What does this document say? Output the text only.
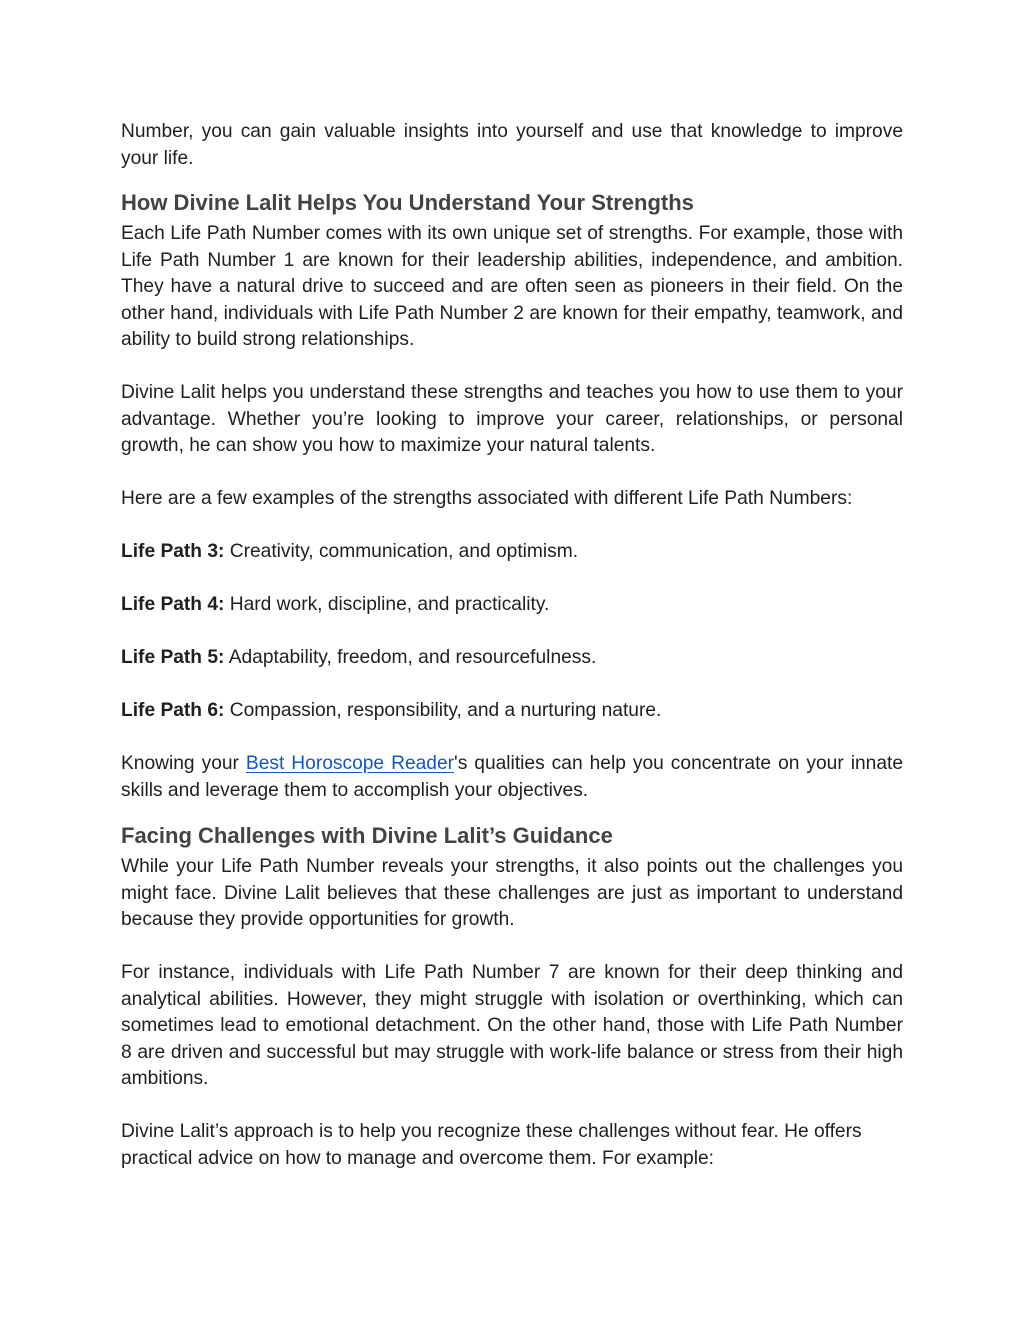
Number, you can gain valuable insights into yourself and use that knowledge to improve your life.

How Divine Lalit Helps You Understand Your Strengths

Each Life Path Number comes with its own unique set of strengths. For example, those with Life Path Number 1 are known for their leadership abilities, independence, and ambition. They have a natural drive to succeed and are often seen as pioneers in their field. On the other hand, individuals with Life Path Number 2 are known for their empathy, teamwork, and ability to build strong relationships.

Divine Lalit helps you understand these strengths and teaches you how to use them to your advantage. Whether you’re looking to improve your career, relationships, or personal growth, he can show you how to maximize your natural talents.

Here are a few examples of the strengths associated with different Life Path Numbers:

Life Path 3: Creativity, communication, and optimism.

Life Path 4: Hard work, discipline, and practicality.

Life Path 5: Adaptability, freedom, and resourcefulness.

Life Path 6: Compassion, responsibility, and a nurturing nature.

Knowing your Best Horoscope Reader's qualities can help you concentrate on your innate skills and leverage them to accomplish your objectives.

Facing Challenges with Divine Lalit’s Guidance

While your Life Path Number reveals your strengths, it also points out the challenges you might face. Divine Lalit believes that these challenges are just as important to understand because they provide opportunities for growth.

For instance, individuals with Life Path Number 7 are known for their deep thinking and analytical abilities. However, they might struggle with isolation or overthinking, which can sometimes lead to emotional detachment. On the other hand, those with Life Path Number 8 are driven and successful but may struggle with work-life balance or stress from their high ambitions.

Divine Lalit’s approach is to help you recognize these challenges without fear. He offers practical advice on how to manage and overcome them. For example:
